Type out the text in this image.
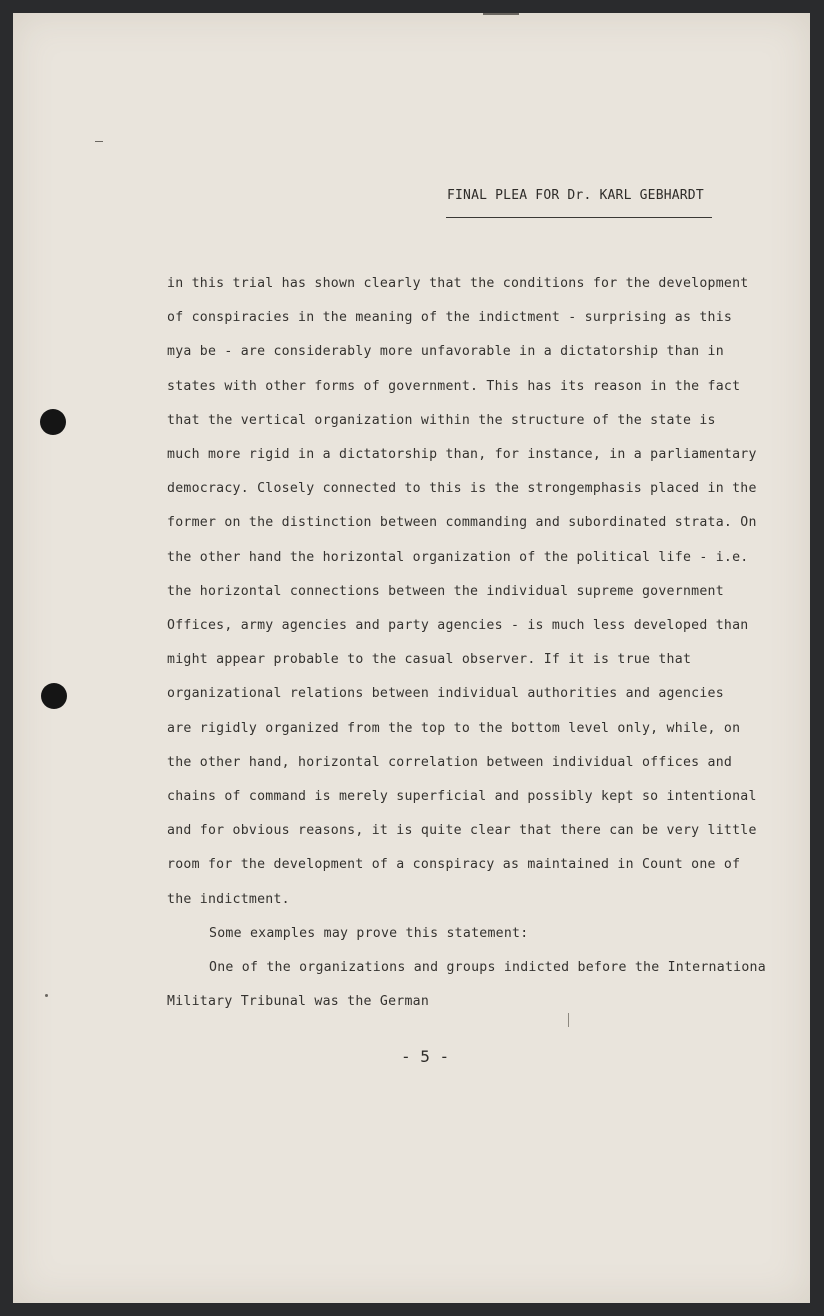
FINAL PLEA FOR Dr. KARL GEBHARDT
in this trial has shown clearly that the conditions for the development
of conspiracies in the meaning of the indictment - surprising as this
mya be - are considerably more unfavorable in a dictatorship than in
states with other forms of government. This has its reason in the fact
that the vertical organization within the structure of the state is
much more rigid in a dictatorship than, for instance, in a parliamentary
democracy. Closely connected to this is the strongemphasis placed in the
former on the distinction between commanding and subordinated strata. On
the other hand the horizontal organization of the political life - i.e.
the horizontal connections between the individual supreme government
Offices, army agencies and party agencies - is much less developed than
might appear probable to the casual observer. If it is true that
organizational relations between individual authorities and agencies
are rigidly organized from the top to the bottom level only, while, on
the other hand, horizontal correlation between individual offices and
chains of command is merely superficial and possibly kept so intentional
and for obvious reasons, it is quite clear that there can be very little
room for the development of a conspiracy as maintained in Count one of
the indictment.
Some examples may prove this statement:
One of the organizations and groups indicted before the Internationa
Military Tribunal was the German
- 5 -
